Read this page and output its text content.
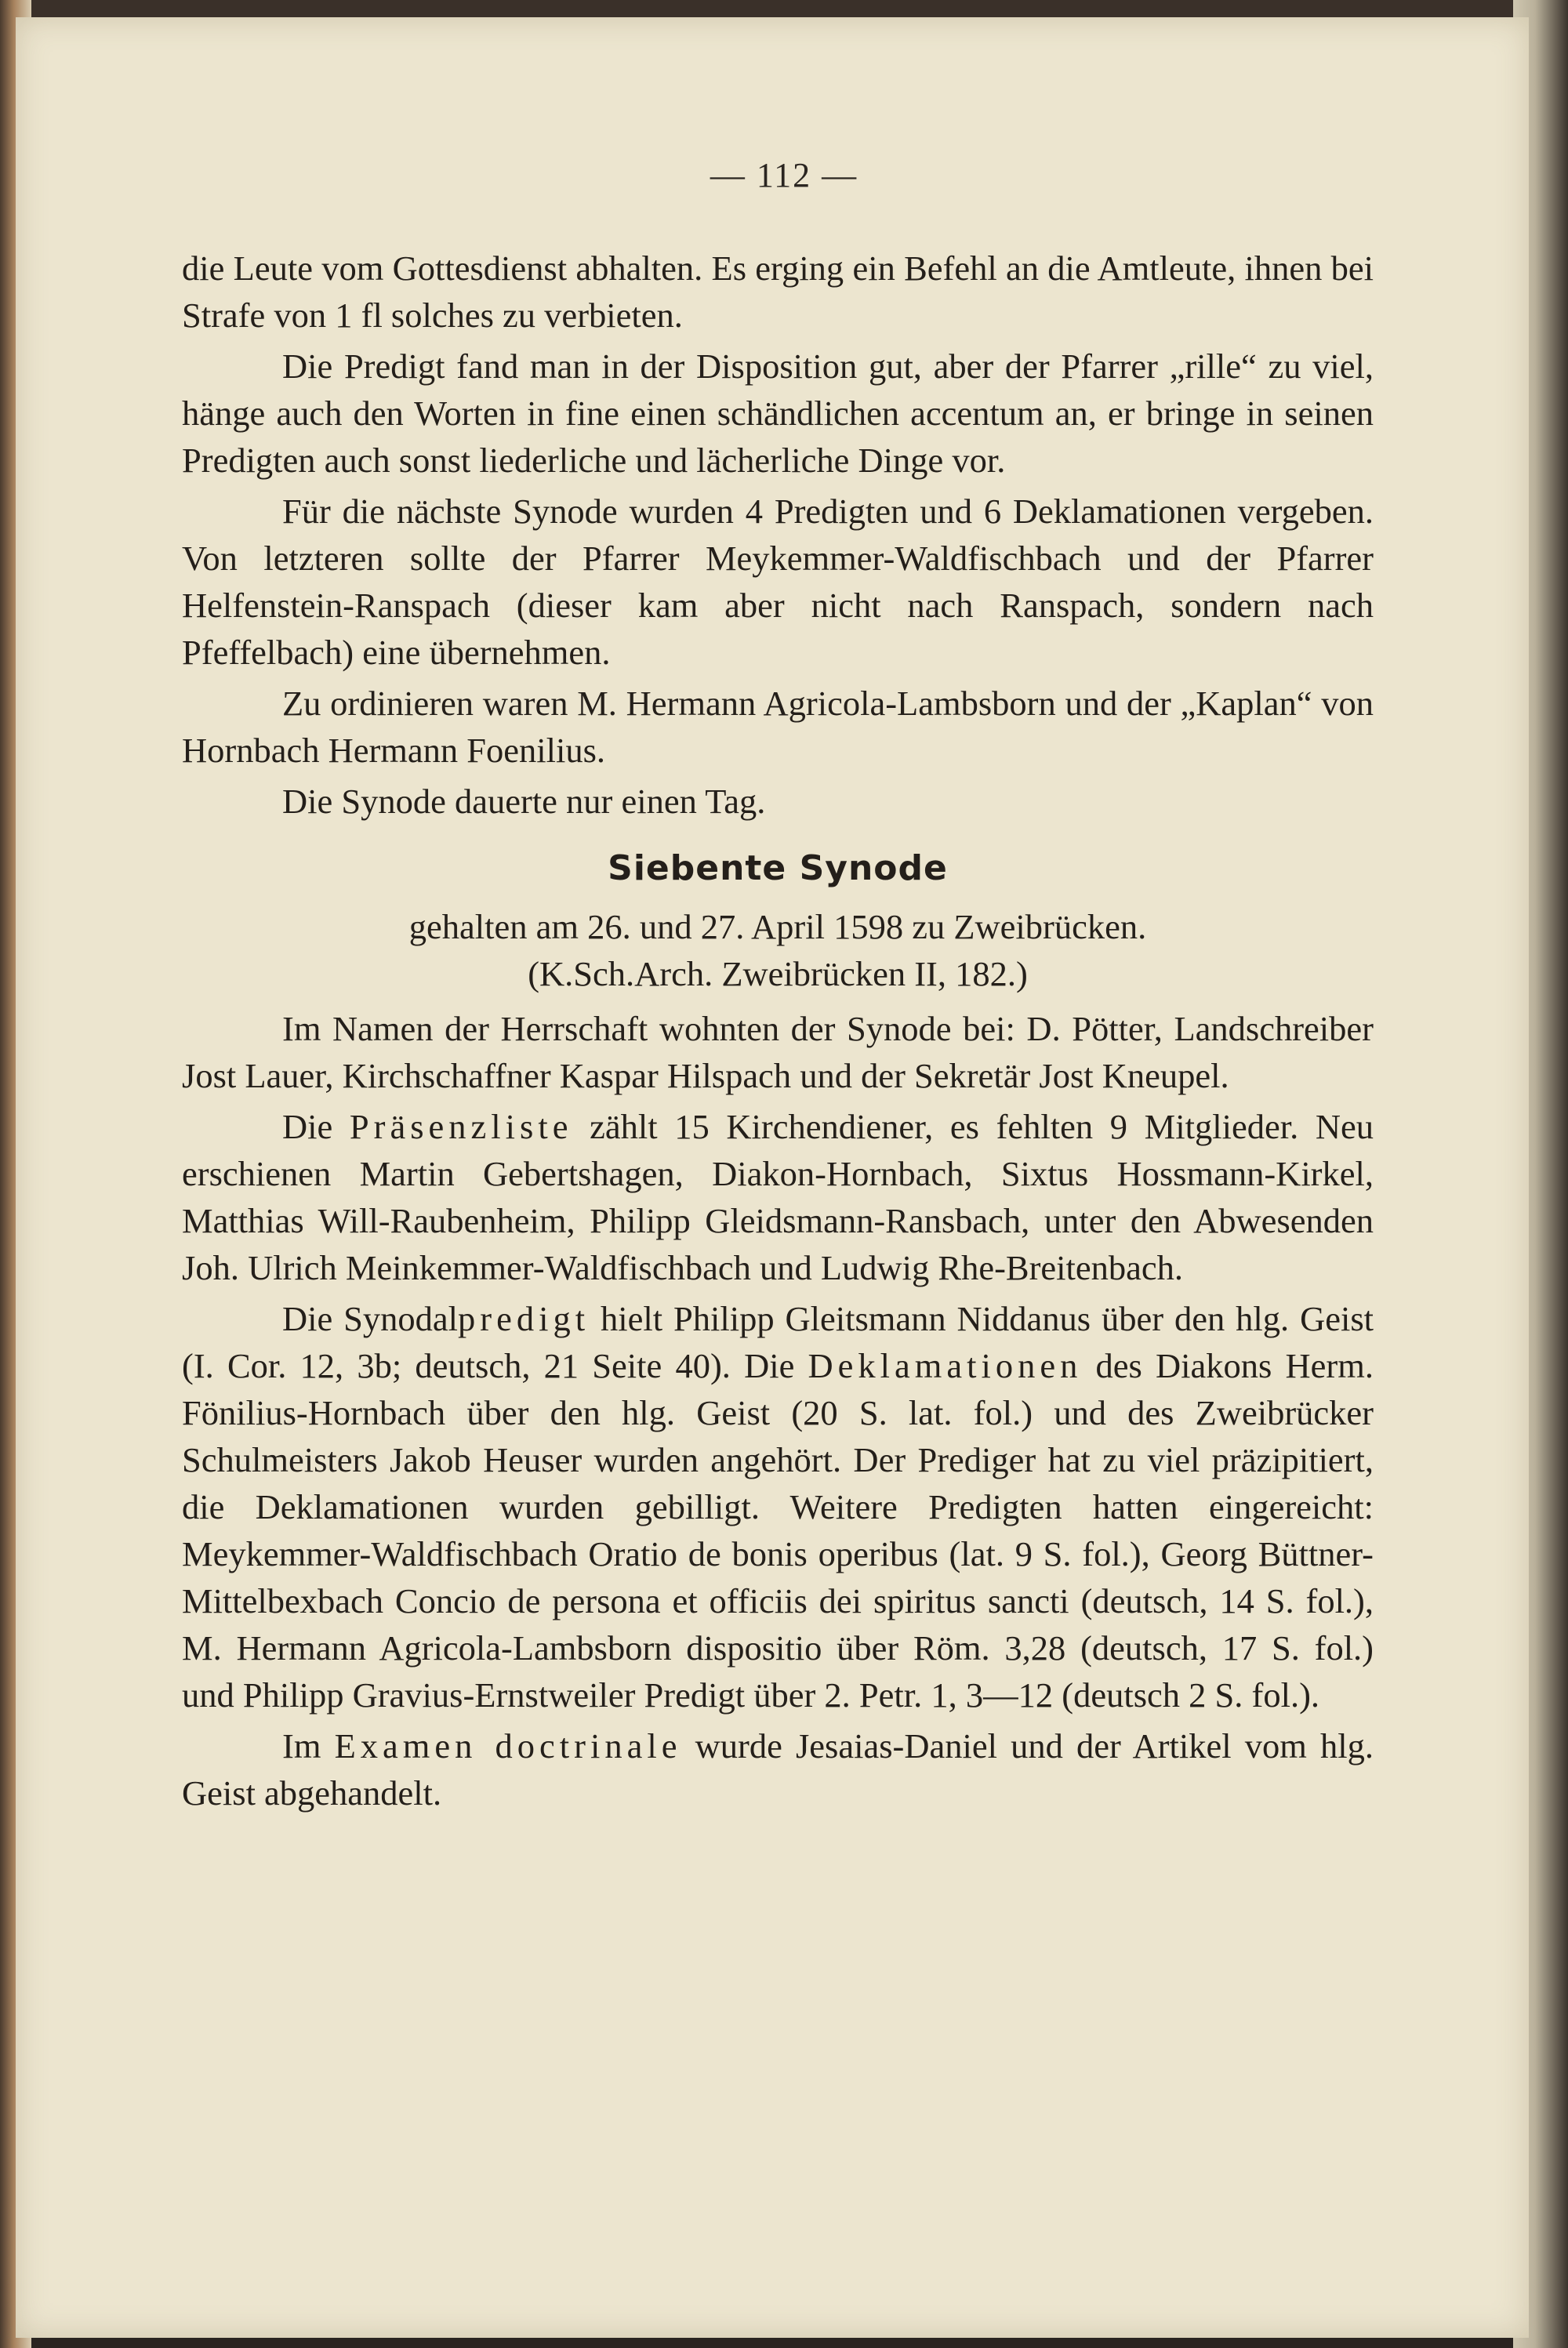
— 112 —

die Leute vom Gottesdienst abhalten. Es erging ein Befehl an die Amtleute, ihnen bei Strafe von 1 fl solches zu verbieten.

Die Predigt fand man in der Disposition gut, aber der Pfarrer „rille“ zu viel, hänge auch den Worten in fine einen schändlichen accentum an, er bringe in seinen Predigten auch sonst liederliche und lächerliche Dinge vor.

Für die nächste Synode wurden 4 Predigten und 6 Deklamationen vergeben. Von letzteren sollte der Pfarrer Meykemmer-Waldfischbach und der Pfarrer Helfenstein-Ranspach (dieser kam aber nicht nach Ranspach, sondern nach Pfeffelbach) eine übernehmen.

Zu ordinieren waren M. Hermann Agricola-Lambsborn und der „Kaplan“ von Hornbach Hermann Foenilius.

Die Synode dauerte nur einen Tag.

Siebente Synode
gehalten am 26. und 27. April 1598 zu Zweibrücken.
(K.Sch.Arch. Zweibrücken II, 182.)

Im Namen der Herrschaft wohnten der Synode bei: D. Pötter, Landschreiber Jost Lauer, Kirchschaffner Kaspar Hilspach und der Sekretär Jost Kneupel.

Die Präsenzliste zählt 15 Kirchendiener, es fehlten 9 Mitglieder. Neu erschienen Martin Gebertshagen, Diakon-Hornbach, Sixtus Hossmann-Kirkel, Matthias Will-Raubenheim, Philipp Gleidsmann-Ransbach, unter den Abwesenden Joh. Ulrich Meinkemmer-Waldfischbach und Ludwig Rhe-Breitenbach.

Die Synodalpredigt hielt Philipp Gleitsmann Niddanus über den hlg. Geist (I. Cor. 12, 3b; deutsch, 21 Seite 40). Die Deklamationen des Diakons Herm. Fönilius-Hornbach über den hlg. Geist (20 S. lat. fol.) und des Zweibrücker Schulmeisters Jakob Heuser wurden angehört. Der Prediger hat zu viel präzipitiert, die Deklamationen wurden gebilligt. Weitere Predigten hatten eingereicht: Meykemmer-Waldfischbach Oratio de bonis operibus (lat. 9 S. fol.), Georg Büttner-Mittelbexbach Concio de persona et officiis dei spiritus sancti (deutsch, 14 S. fol.), M. Hermann Agricola-Lambsborn dispositio über Röm. 3,28 (deutsch, 17 S. fol.) und Philipp Gravius-Ernstweiler Predigt über 2. Petr. 1, 3—12 (deutsch 2 S. fol.).

Im Examen doctrinale wurde Jesaias-Daniel und der Artikel vom hlg. Geist abgehandelt.
